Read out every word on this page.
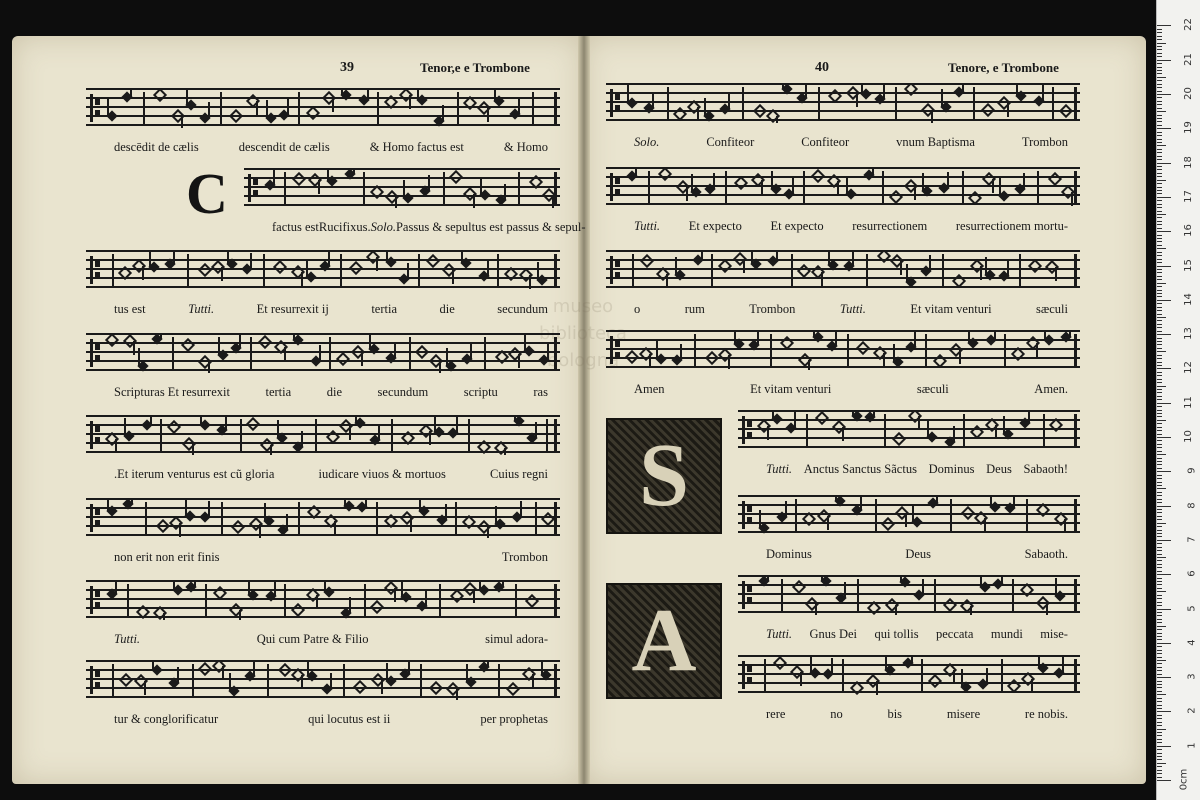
39	Tenor,e e Trombone	40	Tenore, e Trombone
C
S
A
descēdit de cælis	descendit de cælis	& Homo factus est	& Homo
factus est Rucifixus. Solo. Passus & sepultus est passus & sepul-
tus est	Tutti.	Et resurrexit ij	tertia	die	secundum
Scripturas Et resurrexit	tertia	die	secundum	scriptu	ras
.Et iterum venturus est cũ gloria	iudicare viuos & mortuos	Cuius regni
non erit non erit finis	Trombon
Tutti.	Qui cum Patre & Filio	simul adora-
tur & conglorificatur	qui locutus est ii	per prophetas
Solo.	Confiteor	Confiteor	vnum Baptisma	Trombon
Tutti. Et expecto Et expecto resurrectionem resurrectionem mortu-
o	rum	Trombon	Tutti.	Et vitam venturi	sæculi
Amen	Et vitam venturi	sæculi	Amen.
Tutti. Anctus Sanctus Sãctus Dominus Deus Sabaoth!
Dominus	Deus	Sabaoth.
Tutti. Gnus Dei qui tollis peccata mundi mise-
rere	no	bis	misere	re nobis.
0cm
1
2
3
4
5
6
7
8
9
10
11
12
13
14
15
16
17
18
19
20
21
22
